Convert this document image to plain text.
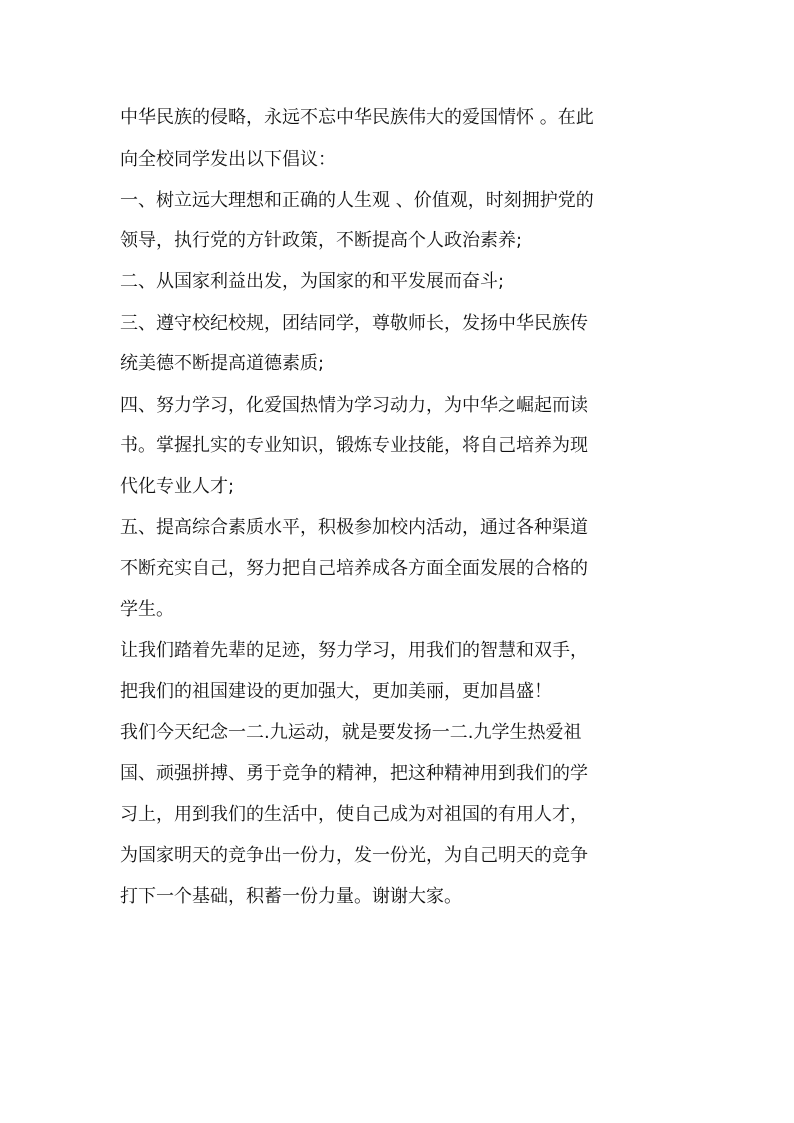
中华民族的侵略，永远不忘中华民族伟大的爱国情怀 。在此
向全校同学发出以下倡议：
一、树立远大理想和正确的人生观 、价值观，时刻拥护党的
领导，执行党的方针政策，不断提高个人政治素养;
二、从国家利益出发，为国家的和平发展而奋斗;
三、遵守校纪校规，团结同学，尊敬师长，发扬中华民族传
统美德不断提高道德素质;
四、努力学习，化爱国热情为学习动力，为中华之崛起而读
书。掌握扎实的专业知识，锻炼专业技能，将自己培养为现
代化专业人才;
五、提高综合素质水平，积极参加校内活动，通过各种渠道
不断充实自己，努力把自己培养成各方面全面发展的合格的
学生。
让我们踏着先辈的足迹，努力学习，用我们的智慧和双手，
把我们的祖国建设的更加强大，更加美丽，更加昌盛！
我们今天纪念一二.九运动，就是要发扬一二.九学生热爱祖
国、顽强拼搏、勇于竞争的精神，把这种精神用到我们的学
习上，用到我们的生活中，使自己成为对祖国的有用人才，
为国家明天的竞争出一份力，发一份光，为自己明天的竞争
打下一个基础，积蓄一份力量。谢谢大家。
